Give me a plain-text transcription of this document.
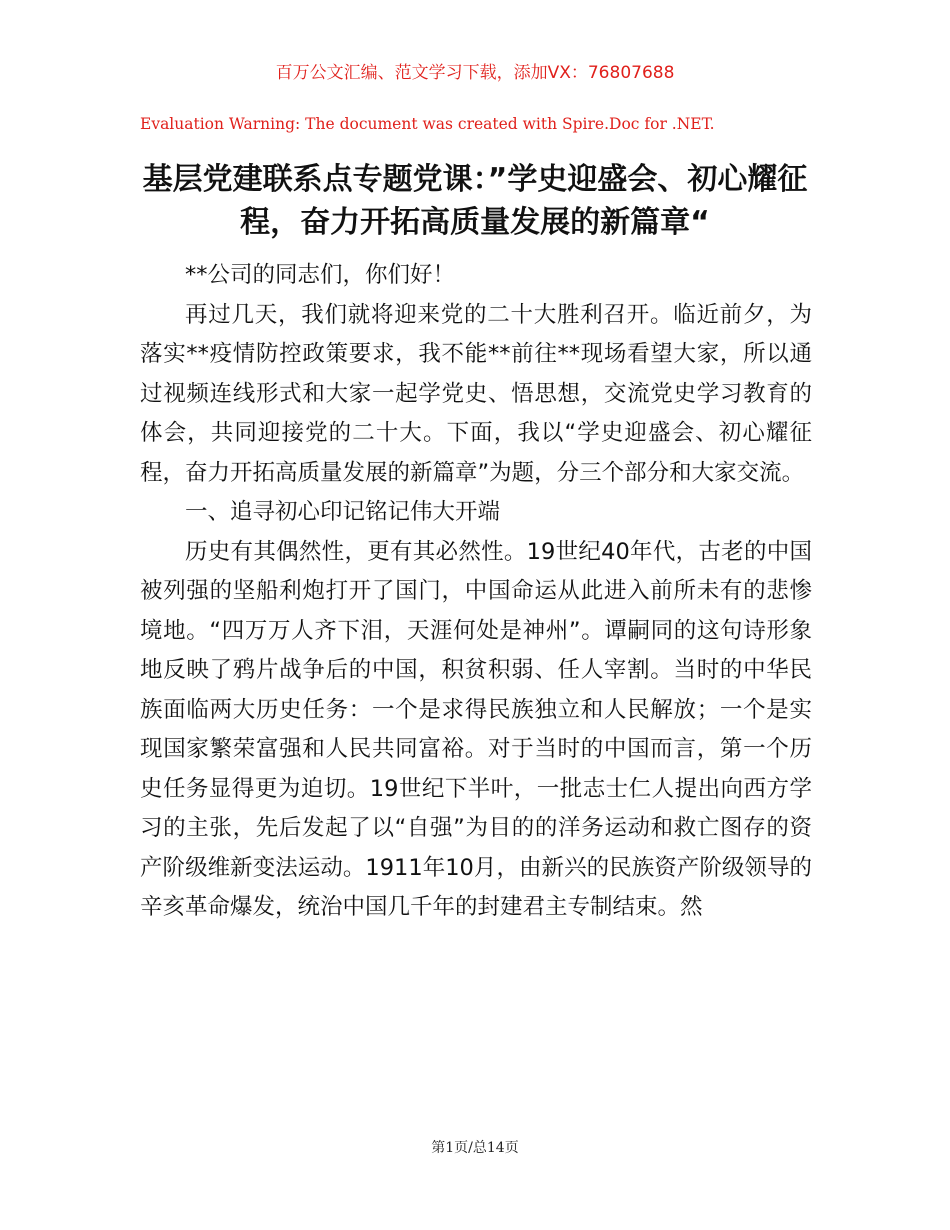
百万公文汇编、范文学习下载，添加VX：76807688
Evaluation Warning: The document was created with Spire.Doc for .NET.
基层党建联系点专题党课：”学史迎盛会、初心耀征程，奋力开拓高质量发展的新篇章“

**公司的同志们，你们好！

再过几天，我们就将迎来党的二十大胜利召开。临近前夕，为落实**疫情防控政策要求，我不能**前往**现场看望大家，所以通过视频连线形式和大家一起学党史、悟思想，交流党史学习教育的体会，共同迎接党的二十大。下面，我以“学史迎盛会、初心耀征程，奋力开拓高质量发展的新篇章”为题，分三个部分和大家交流。

一、追寻初心印记铭记伟大开端

历史有其偶然性，更有其必然性。19世纪40年代，古老的中国被列强的坚船利炮打开了国门，中国命运从此进入前所未有的悲惨境地。“四万万人齐下泪，天涯何处是神州”。谭嗣同的这句诗形象地反映了鸦片战争后的中国，积贫积弱、任人宰割。当时的中华民族面临两大历史任务：一个是求得民族独立和人民解放；一个是实现国家繁荣富强和人民共同富裕。对于当时的中国而言，第一个历史任务显得更为迫切。19世纪下半叶，一批志士仁人提出向西方学习的主张，先后发起了以“自强”为目的的洋务运动和救亡图存的资产阶级维新变法运动。1911年10月，由新兴的民族资产阶级领导的辛亥革命爆发，统治中国几千年的封建君主专制结束。然

第1页/总14页
